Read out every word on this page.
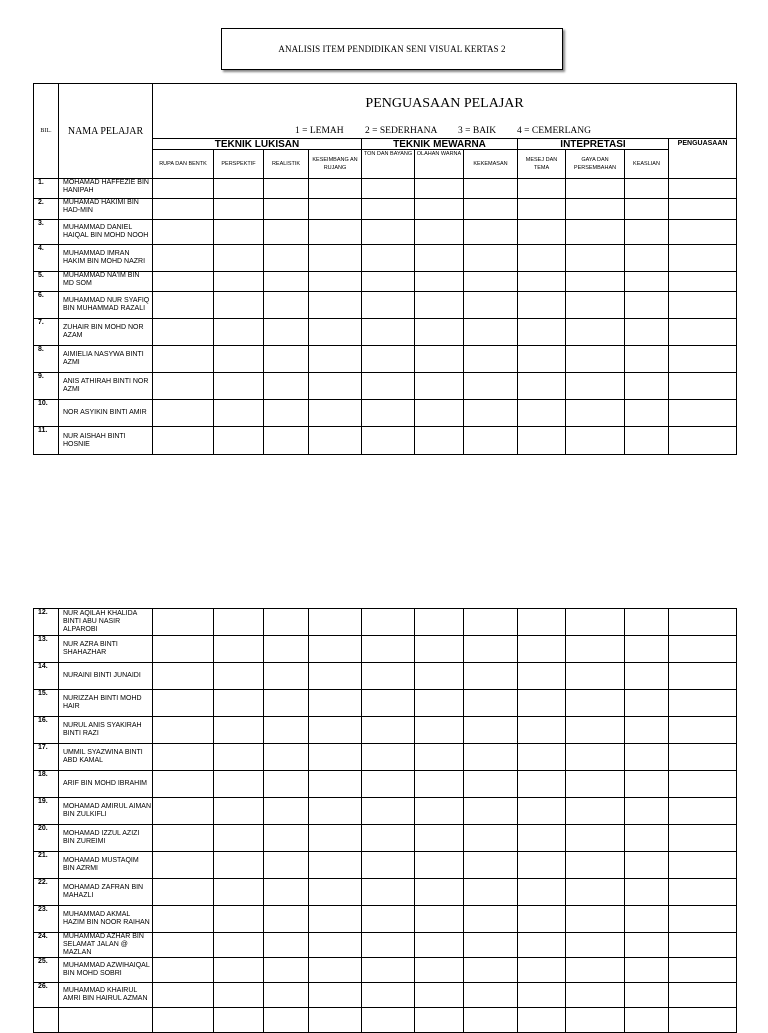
ANALISIS ITEM PENDIDIKAN SENI VISUAL KERTAS 2
BIL.	NAMA PELAJAR	PENGUASAAN PELAJAR
1 = LEMAH 2 = SEDERHANA 3 = BAIK 4 = CEMERLANG										

		TEKNIK LUKISAN				TEKNIK MEWARNA			INTEPRETASI			PENGUASAAN
		RUPA DAN BENTK	PERSPEKTIF	REALISTIK	KESEIMBANG AN RUJANG	TON DAN BAYANG	OLAHAN WARNA	KEKEMASAN	MESEJ DAN TEMA	GAYA DAN PERSEMBAHAN	KEASLIAN	
1.	MOHAMAD HAFFEZIE BIN HANIPAH											
2.	MUHAMAD HAKIMI BIN HAD-MIN											
3.	MUHAMMAD DANIEL HAIQAL BIN MOHD NOOH											
4.	MUHAMMAD IMRAN HAKIM BIN MOHD NAZRI											
5.	MUHAMMAD NA'IM BIN MD SOM											
6.	MUHAMMAD NUR SYAFIQ BIN MUHAMMAD RAZALI											
7.	ZUHAIR BIN MOHD NOR AZAM											
8.	AIMIELIA NASYWA BINTI AZMI											
9.	ANIS ATHIRAH BINTI NOR AZMI											
10.	NOR ASYIKIN BINTI AMIR											
11.	NUR AISHAH BINTI HOSNIE											
12.	NUR AQILAH KHALIDA BINTI ABU NASIR ALPAROBI											
13.	NUR AZRA BINTI SHAHAZHAR											
14.	NURAINI BINTI JUNAIDI											
15.	NURIZZAH BINTI MOHD HAIR											
16.	NURUL ANIS SYAKIRAH BINTI RAZI											
17.	UMMIL SYAZWINA BINTI ABD KAMAL											
18.	ARIF BIN MOHD IBRAHIM											
19.	MOHAMAD AMIRUL AIMAN BIN ZULKIFLI											
20.	MOHAMAD IZZUL AZIZI BIN ZUREIMI											
21.	MOHAMAD MUSTAQIM BIN AZRMI											
22.	MOHAMAD ZAFRAN BIN MAHAZLI											
23.	MUHAMMAD AKMAL HAZIM BIN NOOR RAIHAN											
24.	MUHAMMAD AZHAR BIN SELAMAT JALAN @ MAZLAN											
25.	MUHAMMAD AZWIHAIQAL BIN MOHD SOBRI											
26.	MUHAMMAD KHAIRUL AMRI BIN HAIRUL AZMAN											
